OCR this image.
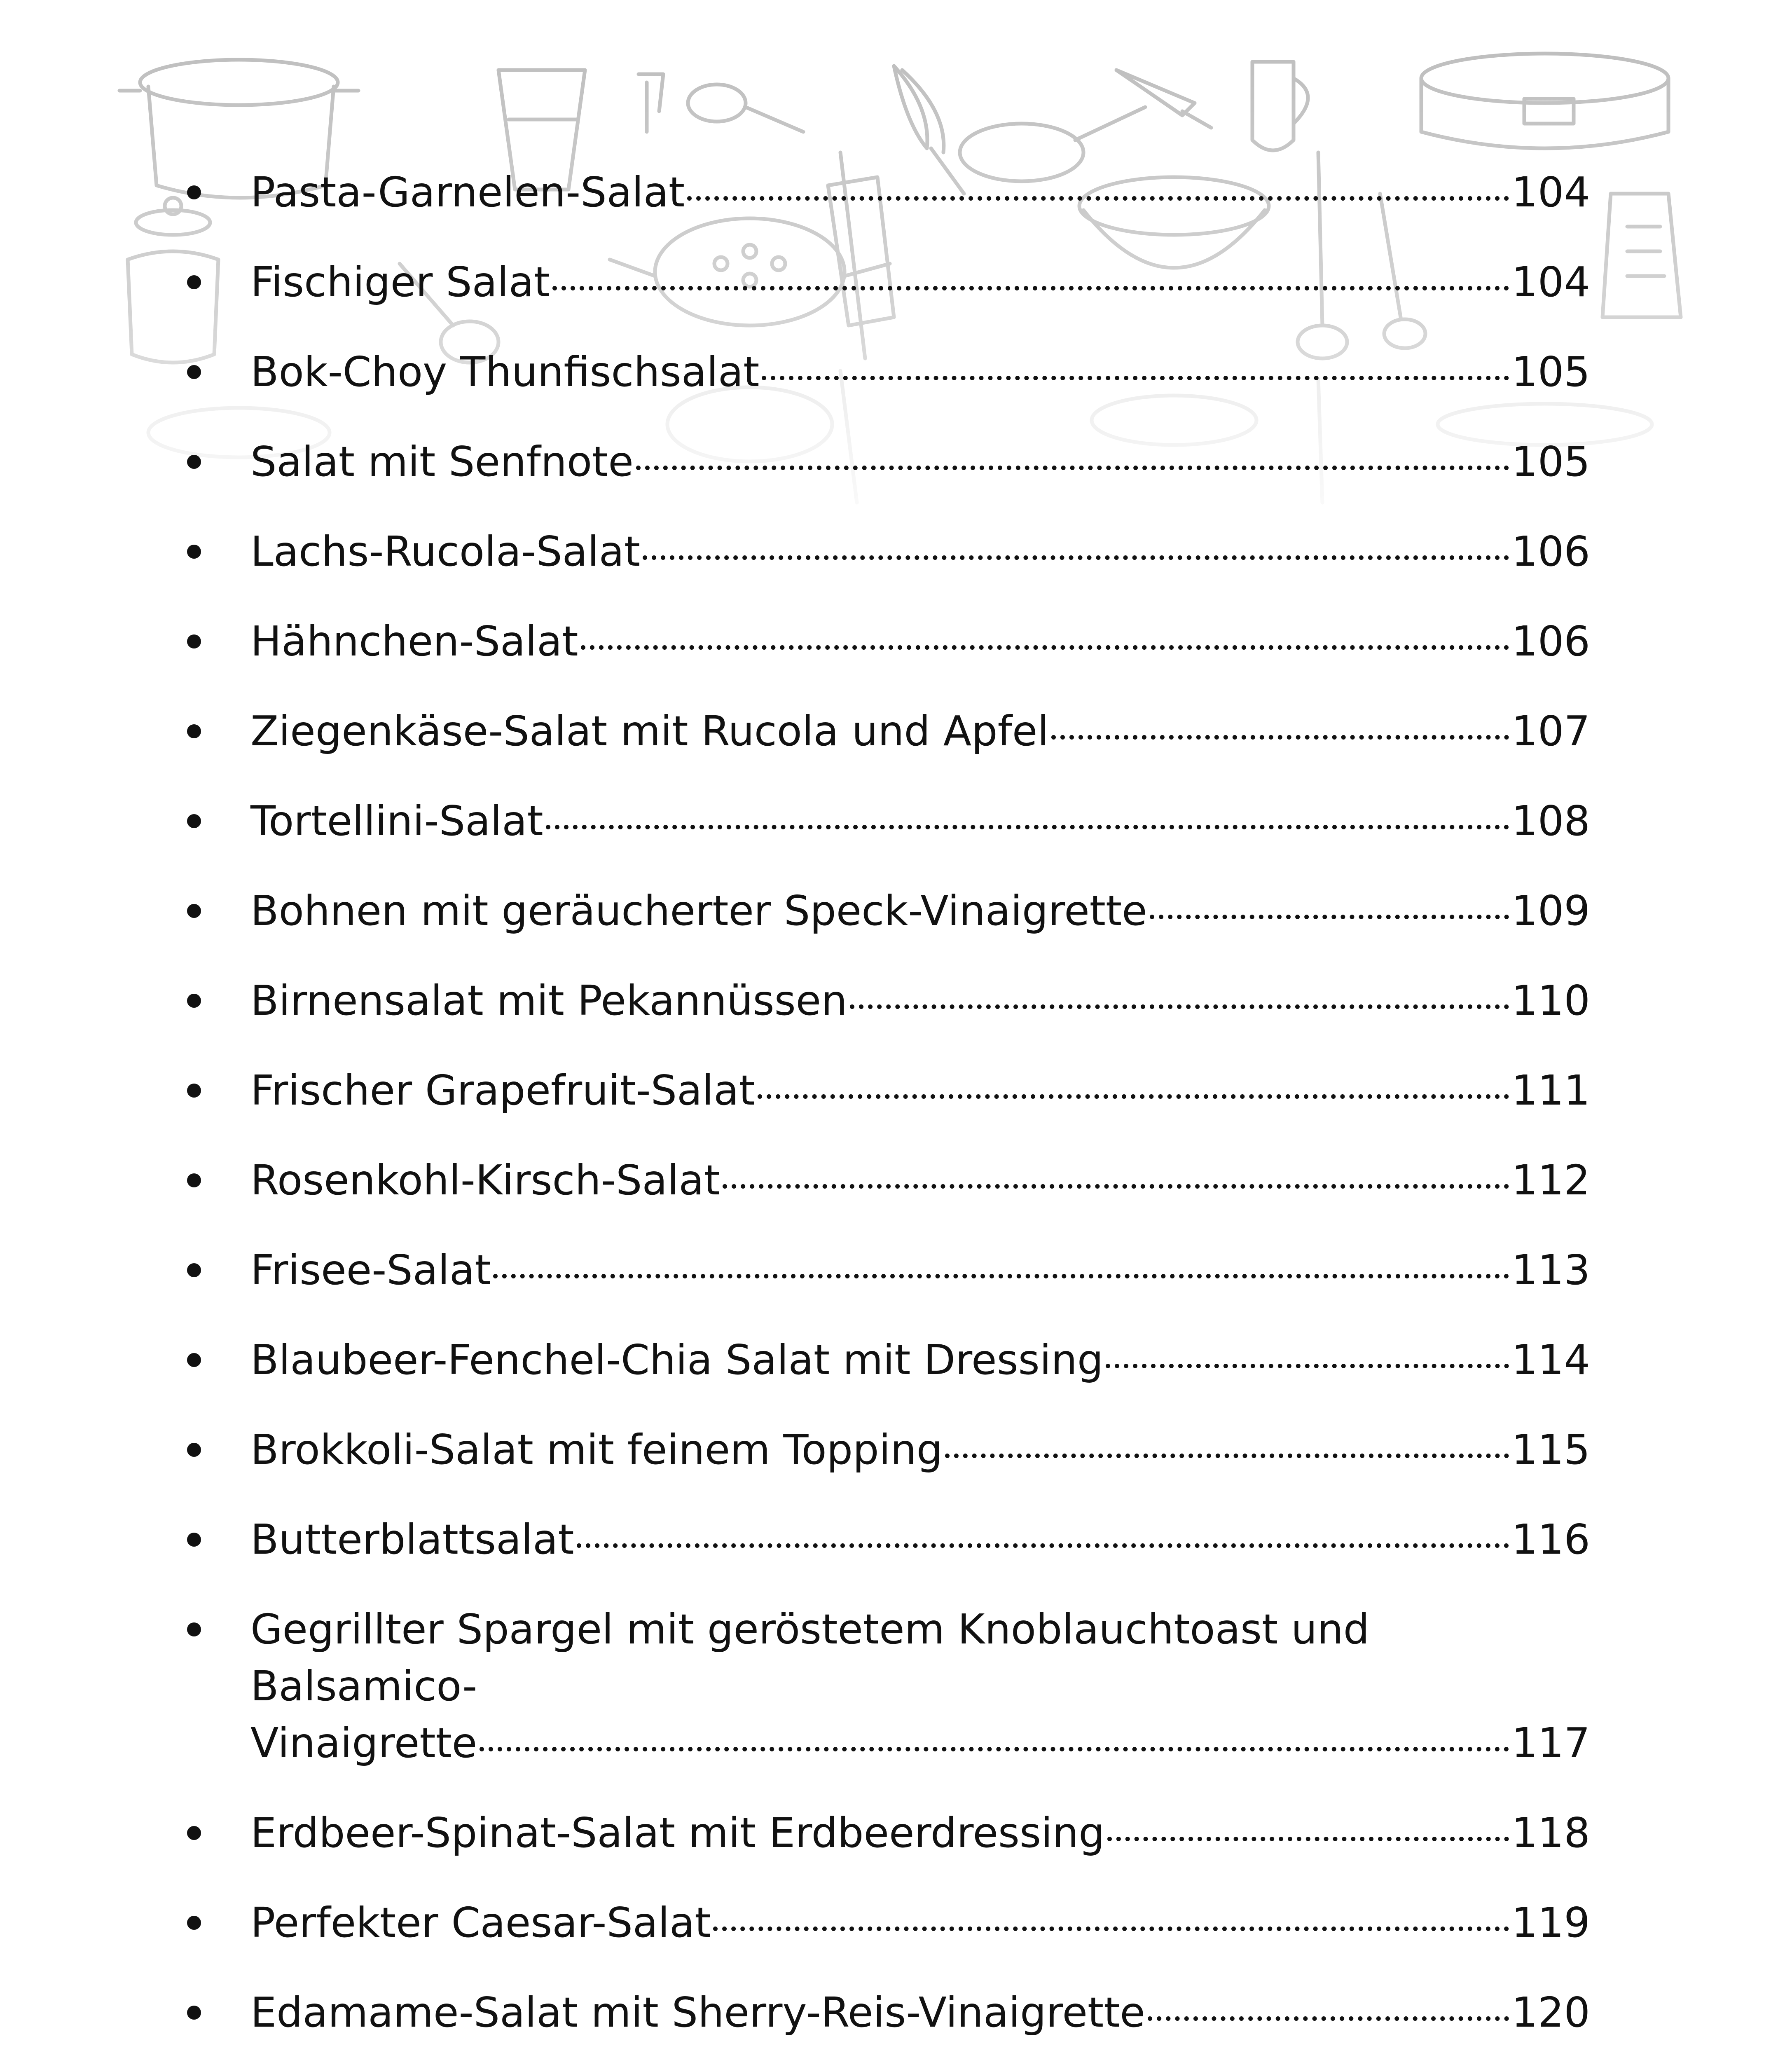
Pasta-Garnelen-Salat	104
Fischiger Salat	104
Bok-Choy Thunfischsalat	105
Salat mit Senfnote	105
Lachs-Rucola-Salat	106
Hähnchen-Salat	106
Ziegenkäse-Salat mit Rucola und Apfel	107
Tortellini-Salat	108
Bohnen mit geräucherter Speck-Vinaigrette	109
Birnensalat mit Pekannüssen	110
Frischer Grapefruit-Salat	111
Rosenkohl-Kirsch-Salat	112
Frisee-Salat	113
Blaubeer-Fenchel-Chia Salat mit Dressing	114
Brokkoli-Salat mit feinem Topping	115
Butterblattsalat	116
Gegrillter Spargel mit geröstetem Knoblauchtoast und Balsamico-
Vinaigrette	117
Erdbeer-Spinat-Salat mit Erdbeerdressing	118
Perfekter Caesar-Salat	119
Edamame-Salat mit Sherry-Reis-Vinaigrette	120
